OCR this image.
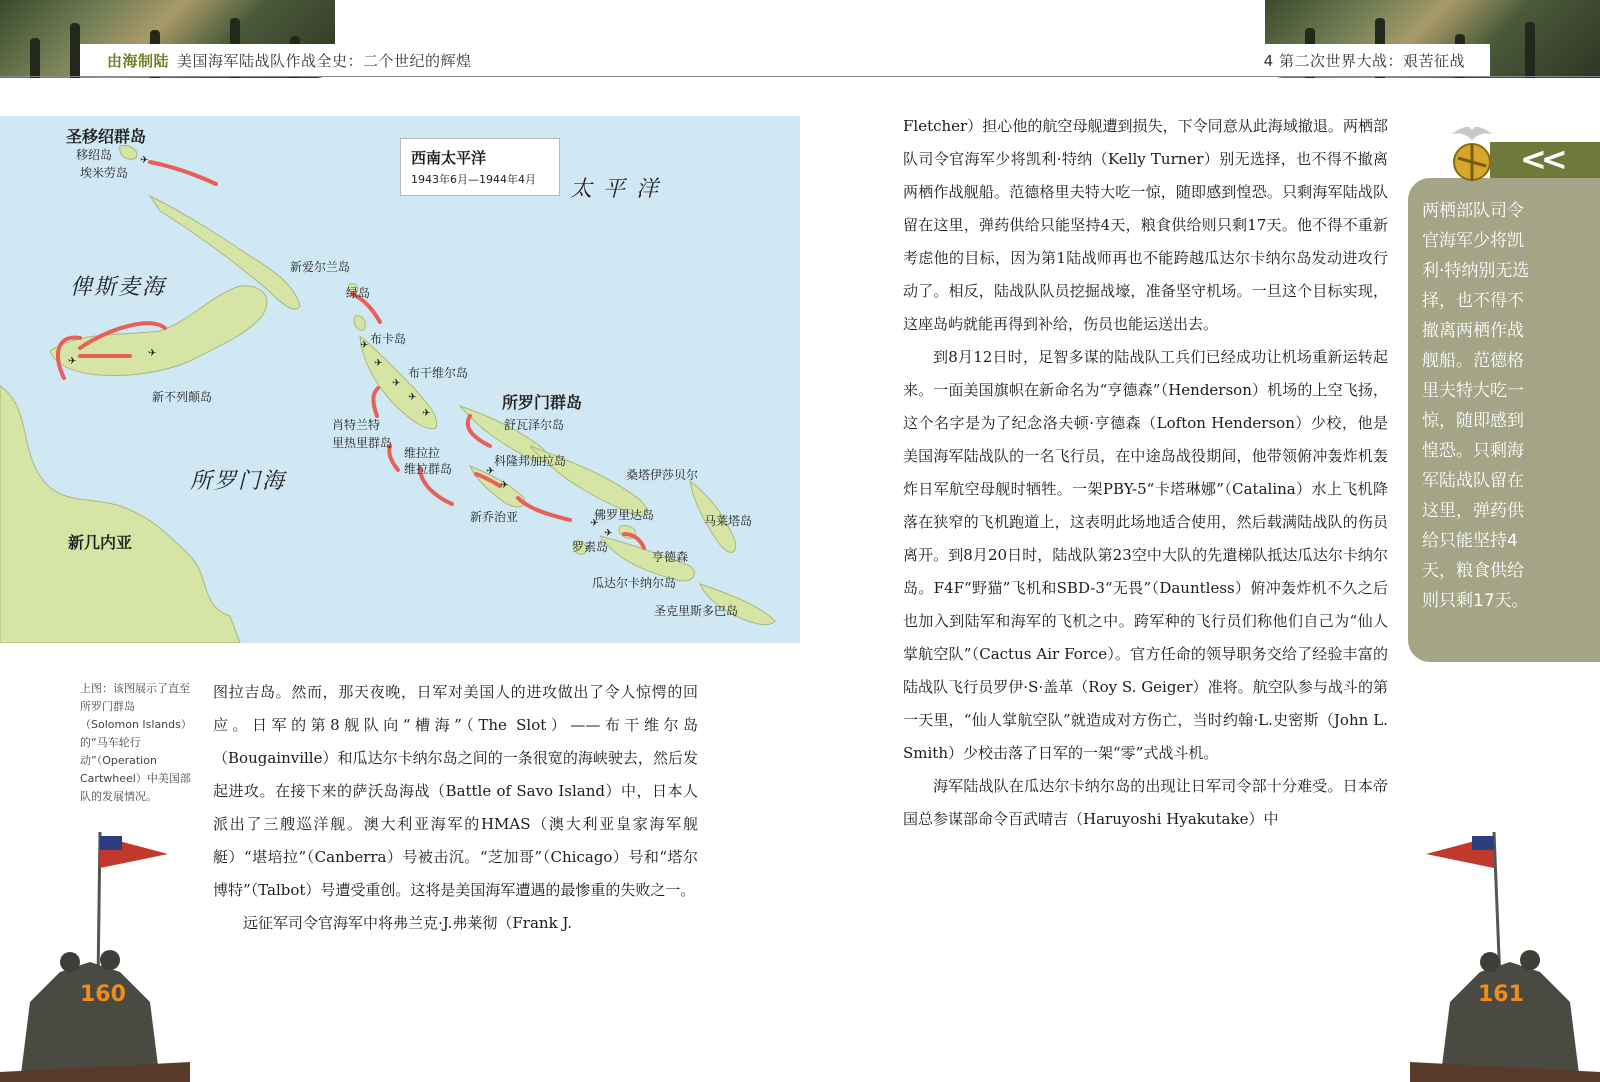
由海制陆 美国海军陆战队作战全史：二个世纪的辉煌	4 第二次世界大战：艰苦征战
✈
✈
✈
✈
✈
✈
✈
✈
✈
✈
✈
✈
西南太平洋
1943年6月—1944年4月 太 平 洋
俾斯麦海
所罗门海
圣移绍群岛
所罗门群岛
新几内亚
移绍岛
埃米劳岛
新爱尔兰岛
绿岛
布卡岛
布干维尔岛
新不列颠岛
肖特兰特
里热里群岛
维拉拉
维拉群岛
舒瓦泽尔岛
科隆邦加拉岛
桑塔伊莎贝尔
新乔治亚	佛罗里达岛	马莱塔岛
罗素岛
亨德森
瓜达尔卡纳尔岛
圣克里斯多巴岛
上图：该图展示了直至所罗门群岛（Solomon Islands）的“马车轮行动”（Operation Cartwheel）中美国部队的发展情况。

图拉吉岛。然而，那天夜晚，日军对美国人的进攻做出了令人惊愕的回应。日军的第8舰队向“槽海”（The Slot）——布干维尔岛（Bougainville）和瓜达尔卡纳尔岛之间的一条很宽的海峡驶去，然后发起进攻。在接下来的萨沃岛海战（Battle of Savo Island）中，日本人派出了三艘巡洋舰。澳大利亚海军的HMAS（澳大利亚皇家海军舰艇）“堪培拉”（Canberra）号被击沉。“芝加哥”（Chicago）号和“塔尔博特”（Talbot）号遭受重创。这将是美国海军遭遇的最惨重的失败之一。

远征军司令官海军中将弗兰克·J.弗莱彻（Frank J.

Fletcher）担心他的航空母舰遭到损失，下令同意从此海域撤退。两栖部队司令官海军少将凯利·特纳（Kelly Turner）别无选择，也不得不撤离两栖作战舰船。范德格里夫特大吃一惊，随即感到惶恐。只剩海军陆战队留在这里，弹药供给只能坚持4天，粮食供给则只剩17天。他不得不重新考虑他的目标，因为第1陆战师再也不能跨越瓜达尔卡纳尔岛发动进攻行动了。相反，陆战队队员挖掘战壕，准备坚守机场。一旦这个目标实现，这座岛屿就能再得到补给，伤员也能运送出去。

到8月12日时，足智多谋的陆战队工兵们已经成功让机场重新运转起来。一面美国旗帜在新命名为“亨德森”（Henderson）机场的上空飞扬，这个名字是为了纪念洛夫顿·亨德森（Lofton Henderson）少校，他是美国海军陆战队的一名飞行员，在中途岛战役期间，他带领俯冲轰炸机轰炸日军航空母舰时牺牲。一架PBY-5“卡塔琳娜”（Catalina）水上飞机降落在狭窄的飞机跑道上，这表明此场地适合使用，然后载满陆战队的伤员离开。到8月20日时，陆战队第23空中大队的先遣梯队抵达瓜达尔卡纳尔岛。F4F“野猫”飞机和SBD-3“无畏”（Dauntless）俯冲轰炸机不久之后也加入到陆军和海军的飞机之中。跨军种的飞行员们称他们自己为“仙人掌航空队”（Cactus Air Force）。官方任命的领导职务交给了经验丰富的陆战队飞行员罗伊·S·盖革（Roy S. Geiger）准将。航空队参与战斗的第一天里，“仙人掌航空队”就造成对方伤亡，当时约翰·L.史密斯（John L. Smith）少校击落了日军的一架“零”式战斗机。

海军陆战队在瓜达尔卡纳尔岛的出现让日军司令部十分难受。日本帝国总参谋部命令百武晴吉（Haruyoshi Hyakutake）中

<<
两栖部队司令官海军少将凯利·特纳别无选择，也不得不撤离两栖作战舰船。范德格里夫特大吃一惊，随即感到惶恐。只剩海军陆战队留在这里，弹药供给只能坚持4天，粮食供给则只剩17天。
160	161
